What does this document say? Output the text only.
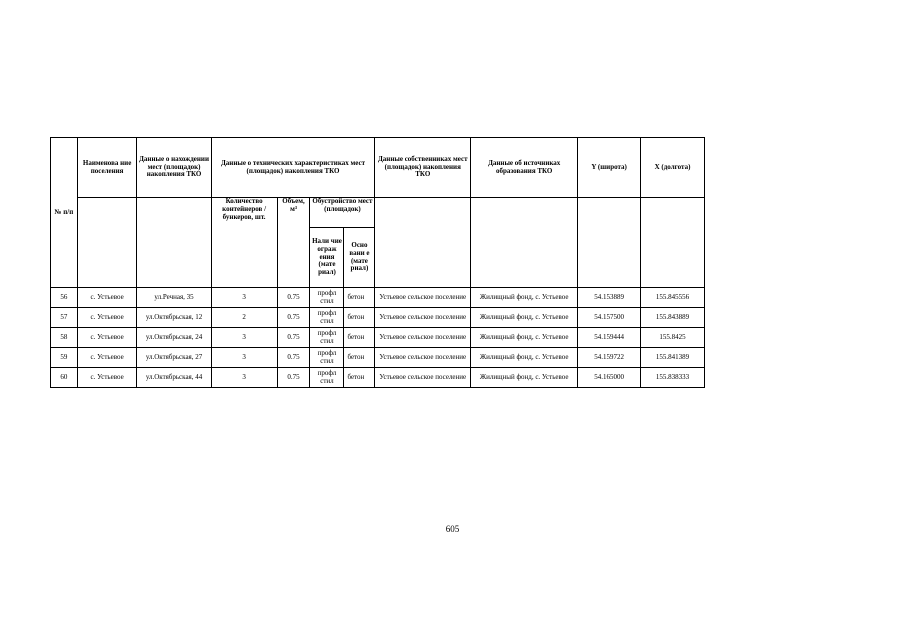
№ п/п	Наименова ние поселения	Данные о нахождении мест (площадок) накопления ТКО	Данные о технических характеристиках мест (площадок) накопления ТКО				Данные собственниках мест (площадок) накопления ТКО	Данные об источниках образования ТКО	Y (широта)	X (долгота)
			Количество контейнеров / бункеров, шт.	Объем, м³	Обустройство мест (площадок)					
					Нали чие ограж ения (мате риал)	Осно вани е (мате риал)				
56	с. Устьевое	ул.Речная, 35	3	0.75	профл стил	бетон	Устьевое сельское поселение	Жилищный фонд, с. Устьевое	54.153889	155.845556
57	с. Устьевое	ул.Октябрьская, 12	2	0.75	профл стил	бетон	Устьевое сельское поселение	Жилищный фонд, с. Устьевое	54.157500	155.843889
58	с. Устьевое	ул.Октябрьская, 24	3	0.75	профл стил	бетон	Устьевое сельское поселение	Жилищный фонд, с. Устьевое	54.159444	155.8425
59	с. Устьевое	ул.Октябрьская, 27	3	0.75	профл стил	бетон	Устьевое сельское поселение	Жилищный фонд, с. Устьевое	54.159722	155.841389
60	с. Устьевое	ул.Октябрьская, 44	3	0.75	профл стил	бетон	Устьевое сельское поселение	Жилищный фонд, с. Устьевое	54.165000	155.838333
605
